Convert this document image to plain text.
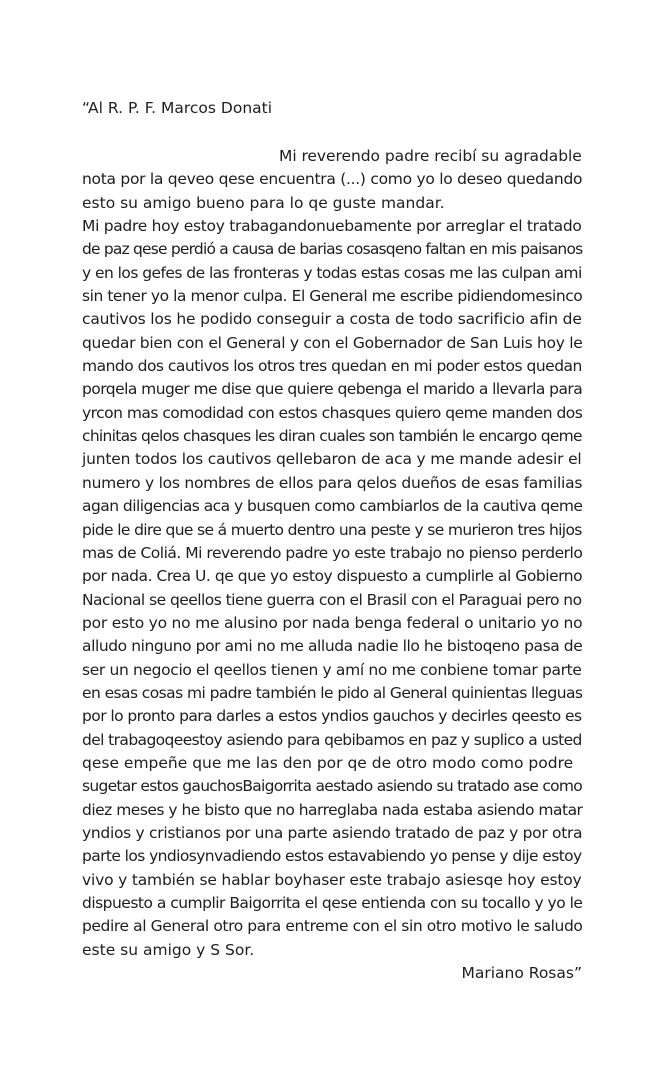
“Al R. P. F. Marcos Donati

Mi reverendo padre recibí su agradable
nota por la qeveo qese encuentra (...) como yo lo deseo quedando
esto su amigo bueno para lo qe guste mandar.
Mi padre hoy estoy trabagandonuebamente por arreglar el tratado
de paz qese perdió a causa de barias cosasqeno faltan en mis paisanos
y en los gefes de las fronteras y todas estas cosas me las culpan ami
sin tener yo la menor culpa. El General me escribe pidiendomesinco
cautivos los he podido conseguir a costa de todo sacrificio afin de
quedar bien con el General y con el Gobernador de San Luis hoy le
mando dos cautivos los otros tres quedan en mi poder estos quedan
porqela muger me dise que quiere qebenga el marido a llevarla para
yrcon mas comodidad con estos chasques quiero qeme manden dos
chinitas qelos chasques les diran cuales son también le encargo qeme
junten todos los cautivos qellebaron de aca y me mande adesir el
numero y los nombres de ellos para qelos dueños de esas familias
agan diligencias aca y busquen como cambiarlos de la cautiva qeme
pide le dire que se á muerto dentro una peste y se murieron tres hijos
mas de Coliá. Mi reverendo padre yo este trabajo no pienso perderlo
por nada. Crea U. qe que yo estoy dispuesto a cumplirle al Gobierno
Nacional se qeellos tiene guerra con el Brasil con el Paraguai pero no
por esto yo no me alusino por nada benga federal o unitario yo no
alludo ninguno por ami no me alluda nadie llo he bistoqeno pasa de
ser un negocio el qeellos tienen y amí no me conbiene tomar parte
en esas cosas mi padre también le pido al General quinientas lleguas
por lo pronto para darles a estos yndios gauchos y decirles qeesto es
del trabagoqeestoy asiendo para qebibamos en paz y suplico a usted
qese empeñe que me las den por qe de otro modo como podre
sugetar estos gauchosBaigorrita aestado asiendo su tratado ase como
diez meses y he bisto que no harreglaba nada estaba asiendo matar
yndios y cristianos por una parte asiendo tratado de paz y por otra
parte los yndiosynvadiendo estos estavabiendo yo pense y dije estoy
vivo y también se hablar boyhaser este trabajo asiesqe hoy estoy
dispuesto a cumplir Baigorrita el qese entienda con su tocallo y yo le
pedire al General otro para entreme con el sin otro motivo le saludo
este su amigo y S Sor.
Mariano Rosas”
